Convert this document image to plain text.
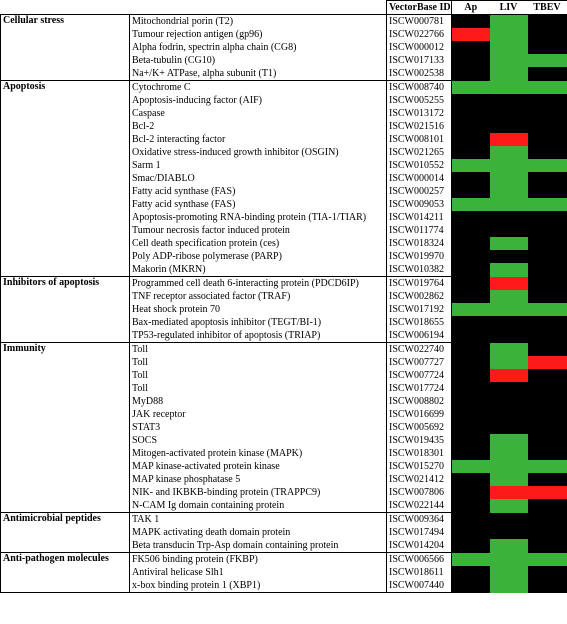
		VectorBase ID	Ap	LIV	TBEV
Cellular stress	Mitochondrial porin (T2)	ISCW000781			
	Tumour rejection antigen (gp96)	ISCW022766			
	Alpha fodrin, spectrin alpha chain (CG8)	ISCW000012			
	Beta-tubulin (CG10)	ISCW017133			
	Na+/K+ ATPase, alpha subunit (T1)	ISCW002538			
Apoptosis	Cytochrome C	ISCW008740			
	Apoptosis-inducing factor (AIF)	ISCW005255			
	Caspase	ISCW013172			
	Bcl-2	ISCW021516			
	Bcl-2 interacting factor	ISCW008101			
	Oxidative stress-induced growth inhibitor (OSGIN)	ISCW021265			
	Sarm 1	ISCW010552			
	Smac/DIABLO	ISCW000014			
	Fatty acid synthase (FAS)	ISCW000257			
	Fatty acid synthase (FAS)	ISCW009053			
	Apoptosis-promoting RNA-binding protein (TIA-1/TIAR)	ISCW014211			
	Tumour necrosis factor induced protein	ISCW011774			
	Cell death specification protein (ces)	ISCW018324			
	Poly ADP-ribose polymerase (PARP)	ISCW019970			
	Makorin (MKRN)	ISCW010382			
Inhibitors of apoptosis	Programmed cell death 6-interacting protein (PDCD6IP)	ISCW019764			
	TNF receptor associated factor (TRAF)	ISCW002862			
	Heat shock protein 70	ISCW017192			
	Bax-mediated apoptosis inhibitor (TEGT/BI-1)	ISCW018655			
	TP53-regulated inhibitor of apoptosis (TRIAP)	ISCW006194			
Immunity	Toll	ISCW022740			
	Toll	ISCW007727			
	Toll	ISCW007724			
	Toll	ISCW017724			
	MyD88	ISCW008802			
	JAK receptor	ISCW016699			
	STAT3	ISCW005692			
	SOCS	ISCW019435			
	Mitogen-activated protein kinase (MAPK)	ISCW018301			
	MAP kinase-activated protein kinase	ISCW015270			
	MAP kinase phosphatase 5	ISCW021412			
	NIK- and IKBKB-binding protein (TRAPPC9)	ISCW007806			
	N-CAM Ig domain containing protein	ISCW022144			
Antimicrobial peptides	TAK 1	ISCW009364			
	MAPK activating death domain protein	ISCW017494			
	Beta transducin Trp-Asp domain containing protein	ISCW014204			
Anti-pathogen molecules	FK506 binding protein (FKBP)	ISCW006566			
	Antiviral helicase Slh1	ISCW018611			
	x-box binding protein 1 (XBP1)	ISCW007440			
